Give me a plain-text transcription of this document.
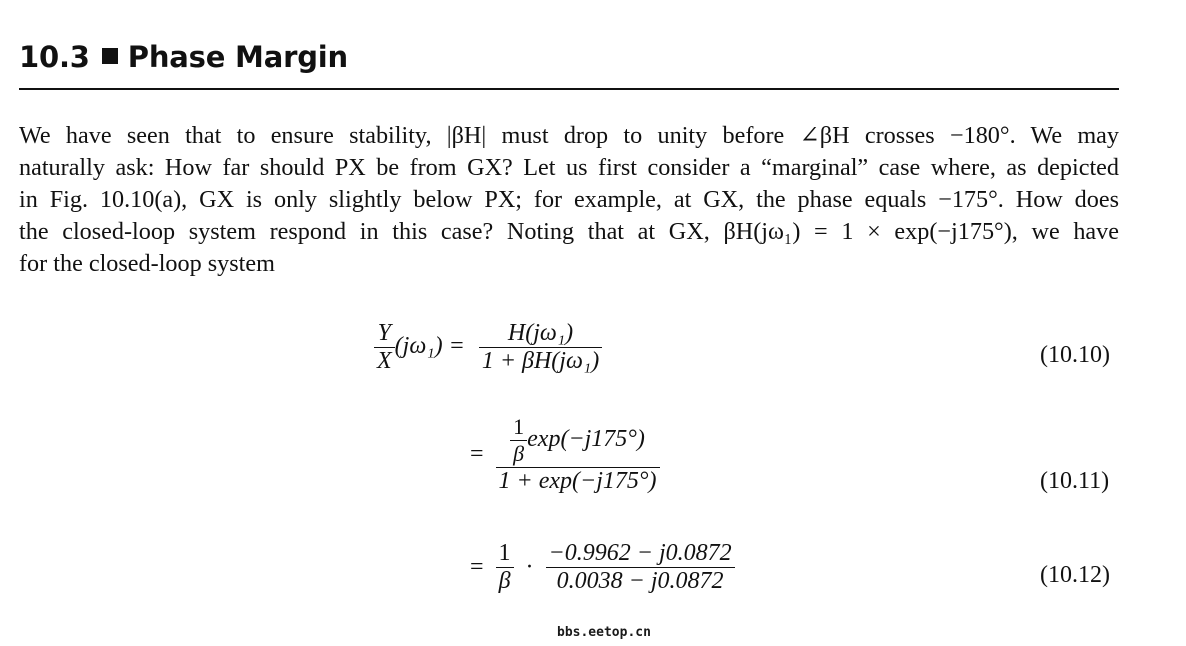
10.3 Phase Margin
We have seen that to ensure stability, |βH| must drop to unity before ∠βH crosses −180°. We may
naturally ask: How far should PX be from GX? Let us first consider a “marginal” case where, as depicted
in Fig. 10.10(a), GX is only slightly below PX; for example, at GX, the phase equals −175°. How does
the closed-loop system respond in this case? Noting that at GX, βH(jω₁) = 1 × exp(−j175°), we have
for the closed-loop system
$\frac{Y}{X} (j\omega_1) = \frac{\text{H(jω₁)}}{\text{1 + βH(jω₁)}}$	(10.10)
= $\frac{\frac{1}{\beta} \exp(-j175^\circ)}{1 + \exp(-j175^\circ)}$	(10.11)
= $\frac{1}{\beta} \cdot \frac{-0.9962 - j0.0872}{0.0038 - j0.0872}$	(10.12)
bbs.eetop.cn
